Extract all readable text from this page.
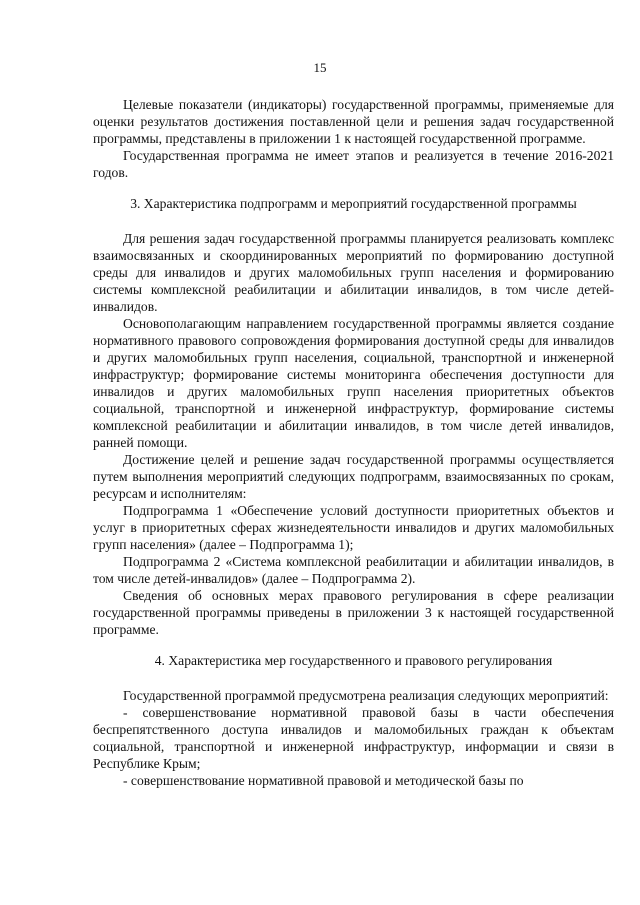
15

Целевые показатели (индикаторы) государственной программы, применяемые для оценки результатов достижения поставленной цели и решения задач государственной программы, представлены в приложении 1 к настоящей государственной программе.

Государственная программа не имеет этапов и реализуется в течение 2016-2021 годов.

3. Характеристика подпрограмм и мероприятий государственной программы

Для решения задач государственной программы планируется реализовать комплекс взаимосвязанных и скоординированных мероприятий по формированию доступной среды для инвалидов и других маломобильных групп населения и формированию системы комплексной реабилитации и абилитации инвалидов, в том числе детей-инвалидов.

Основополагающим направлением государственной программы является создание нормативного правового сопровождения формирования доступной среды для инвалидов и других маломобильных групп населения, социальной, транспортной и инженерной инфраструктур; формирование системы мониторинга обеспечения доступности для инвалидов и других маломобильных групп населения приоритетных объектов социальной, транспортной и инженерной инфраструктур, формирование системы комплексной реабилитации и абилитации инвалидов, в том числе детей инвалидов, ранней помощи.

Достижение целей и решение задач государственной программы осуществляется путем выполнения мероприятий следующих подпрограмм, взаимосвязанных по срокам, ресурсам и исполнителям:

Подпрограмма 1 «Обеспечение условий доступности приоритетных объектов и услуг в приоритетных сферах жизнедеятельности инвалидов и других маломобильных групп населения» (далее – Подпрограмма 1);

Подпрограмма 2 «Система комплексной реабилитации и абилитации инвалидов, в том числе детей-инвалидов» (далее – Подпрограмма 2).

Сведения об основных мерах правового регулирования в сфере реализации государственной программы приведены в приложении 3 к настоящей государственной программе.

4. Характеристика мер государственного и правового регулирования

Государственной программой предусмотрена реализация следующих мероприятий:

- совершенствование нормативной правовой базы в части обеспечения беспрепятственного доступа инвалидов и маломобильных граждан к объектам социальной, транспортной и инженерной инфраструктур, информации и связи в Республике Крым;

- совершенствование нормативной правовой и методической базы по
